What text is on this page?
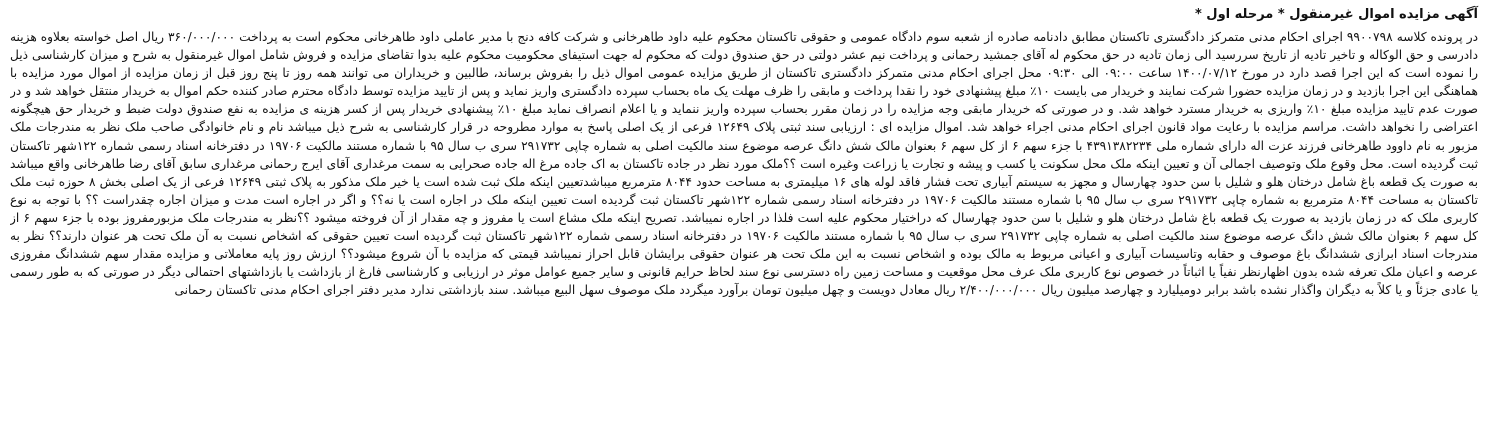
آگهی مزایده اموال غیرمنقول * مرحله اول *

در پرونده کلاسه ۹۹۰۰۷۹۸ اجرای احکام مدنی متمرکز دادگستری تاکستان مطابق دادنامه صادره از شعبه سوم دادگاه عمومی و حقوقی تاکستان محکوم علیه داود طاهرخانی و شرکت کافه دنج با مدیر عاملی داود طاهرخانی محکوم است به پرداخت ۳۶۰/۰۰۰/۰۰۰ ریال اصل خواسته بعلاوه هزینه دادرسی و حق الوکاله و تاخیر تادیه از تاریخ سررسید الی زمان تادیه در حق محکوم له آقای جمشید رحمانی و پرداخت نیم عشر دولتی در حق صندوق دولت که محکوم له جهت استیفای محکومیت محکوم علیه بدوا تقاضای مزایده و فروش شامل اموال غیرمنقول به شرح و میزان کارشناسی ذیل را نموده است که این اجرا قصد دارد در مورخ ۱۴۰۰/۰۷/۱۲ ساعت ۰۹:۰۰ الی ۰۹:۳۰ محل اجرای احکام مدنی متمرکز دادگستری تاکستان از طریق مزایده عمومی اموال ذیل را بفروش برساند، طالبین و خریداران می توانند همه روز تا پنج روز قبل از زمان مزایده از اموال مورد مزایده با هماهنگی این اجرا بازدید و در زمان مزایده حضورا شرکت نمایند و خریدار می بایست ۱۰٪ مبلغ پیشنهادی خود را نقدا پرداخت و مابقی را ظرف مهلت یک ماه بحساب سپرده دادگستری واریز نماید و پس از تایید مزایده توسط دادگاه محترم صادر کننده حکم اموال به خریدار منتقل خواهد شد و در صورت عدم تایید مزایده مبلغ ۱۰٪ واریزی به خریدار مسترد خواهد شد. و در صورتی که خریدار مابقی وجه مزایده را در زمان مقرر بحساب سپرده واریز ننماید و یا اعلام انصراف نماید مبلغ ۱۰٪ پیشنهادی خریدار پس از کسر هزینه ی مزایده به نفع صندوق دولت ضبط و خریدار حق هیچگونه اعتراضی را نخواهد داشت. مراسم مزایده با رعایت مواد قانون اجرای احکام مدنی اجراء خواهد شد. اموال مزایده ای : ارزیابی سند ثبتی پلاک ۱۲۶۴۹ فرعی از یک اصلی پاسخ به موارد مطروحه در قرار کارشناسی به شرح ذیل میباشد نام و نام خانوادگی صاحب ملک نظر به مندرجات ملک مزبور به نام داوود طاهرخانی فرزند عزت اله دارای شماره ملی ۴۳۹۱۳۸۲۲۳۴ با جزء سهم ۶ از کل سهم ۶ بعنوان مالک شش دانگ عرصه موضوع سند مالکیت اصلی به شماره چاپی ۲۹۱۷۳۲ سری ب سال ۹۵ با شماره مستند مالکیت ۱۹۷۰۶ در دفترخانه اسناد رسمی شماره ۱۲۲شهر تاکستان ثبت گردیده است. محل وقوع ملک وتوصیف اجمالی آن و تعیین اینکه ملک محل سکونت یا کسب و پیشه و تجارت یا زراعت وغیره است ؟؟ملک مورد نظر در جاده تاکستان به اک جاده مرغ اله جاده صحرایی به سمت مرغداری آقای ایرج رحمانی مرغداری سابق آقای رضا طاهرخانی واقع میباشد به صورت یک قطعه باغ شامل درختان هلو و شلیل با سن حدود چهارسال و مجهز به سیستم آبیاری تحت فشار فاقد لوله های ۱۶ میلیمتری به مساحت حدود ۸۰۴۴ مترمربع میباشدتعیین اینکه ملک ثبت شده است یا خیر ملک مذکور به پلاک ثبتی ۱۲۶۴۹ فرعی از یک اصلی بخش ۸ حوزه ثبت ملک تاکستان به مساحت ۸۰۴۴ مترمربع به شماره چاپی ۲۹۱۷۳۲ سری ب سال ۹۵ با شماره مستند مالکیت ۱۹۷۰۶ در دفترخانه اسناد رسمی شماره ۱۲۲شهر تاکستان ثبت گردیده است تعیین اینکه ملک در اجاره است یا نه؟؟ و اگر در اجاره است مدت و میزان اجاره چقدراست ؟؟ با توجه به نوع کاربری ملک که در زمان بازدید به صورت یک قطعه باغ شامل درختان هلو و شلیل با سن حدود چهارسال که دراختیار محکوم علیه است فلذا در اجاره نمیباشد. تصریح اینکه ملک مشاع است یا مفروز و چه مقدار از آن فروخته میشود ؟؟نظر به مندرجات ملک مزبورمفروز بوده با جزء سهم ۶ از کل سهم ۶ بعنوان مالک شش دانگ عرصه موضوع سند مالکیت اصلی به شماره چاپی ۲۹۱۷۳۲ سری ب سال ۹۵ با شماره مستند مالکیت ۱۹۷۰۶ در دفترخانه اسناد رسمی شماره ۱۲۲شهر تاکستان ثبت گردیده است تعیین حقوقی که اشخاص نسبت به آن ملک تحت هر عنوان دارند؟؟ نظر به مندرجات اسناد ابرازی ششدانگ باغ موصوف و حقابه وتاسیسات آبیاری و اعیانی مربوط به مالک بوده و اشخاص نسبت به این ملک تحت هر عنوان حقوقی برایشان قابل احراز نمیباشد قیمتی که مزایده با آن شروع میشود؟؟ ارزش روز پایه معاملاتی و مزایده مقدار سهم ششدانگ مفروزی عرصه و اعیان ملک تعرفه شده بدون اظهارنظر نفیاً یا اثباتاً در خصوص نوع کاربری ملک عرف محل موقعیت و مساحت زمین راه دسترسی نوع سند لحاظ حرایم قانونی و سایر جمیع عوامل موثر در ارزیابی و کارشناسی فارغ از بازداشت یا بازداشتهای احتمالی دیگر در صورتی که به طور رسمی یا عادی جزئاً و یا کلاً به دیگران واگذار نشده باشد برابر دومیلیارد و چهارصد میلیون ریال ۲/۴۰۰/۰۰۰/۰۰۰ ریال معادل دویست و چهل میلیون تومان برآورد میگردد ملک موصوف سهل البیع میباشد. سند بازداشتی ندارد مدیر دفتر اجرای احکام مدنی تاکستان رحمانی
